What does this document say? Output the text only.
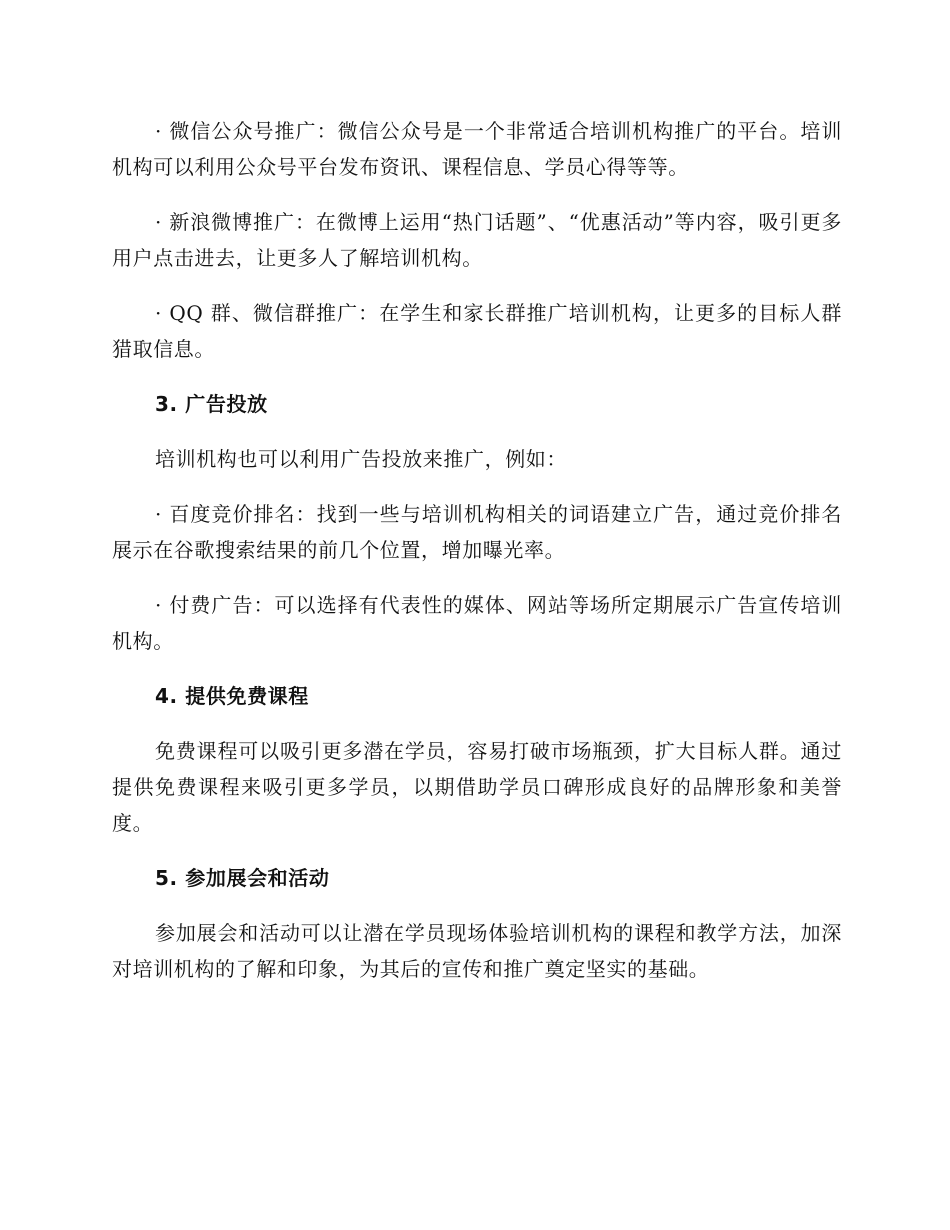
· 微信公众号推广：微信公众号是一个非常适合培训机构推广的平台。培训机构可以利用公众号平台发布资讯、课程信息、学员心得等等。

· 新浪微博推广：在微博上运用“热门话题”、“优惠活动”等内容，吸引更多用户点击进去，让更多人了解培训机构。

· QQ 群、微信群推广：在学生和家长群推广培训机构，让更多的目标人群猎取信息。

3. 广告投放

培训机构也可以利用广告投放来推广，例如：

· 百度竞价排名：找到一些与培训机构相关的词语建立广告，通过竞价排名展示在谷歌搜索结果的前几个位置，增加曝光率。

· 付费广告：可以选择有代表性的媒体、网站等场所定期展示广告宣传培训机构。

4. 提供免费课程

免费课程可以吸引更多潜在学员，容易打破市场瓶颈，扩大目标人群。通过提供免费课程来吸引更多学员，以期借助学员口碑形成良好的品牌形象和美誉度。

5. 参加展会和活动

参加展会和活动可以让潜在学员现场体验培训机构的课程和教学方法，加深对培训机构的了解和印象，为其后的宣传和推广奠定坚实的基础。
